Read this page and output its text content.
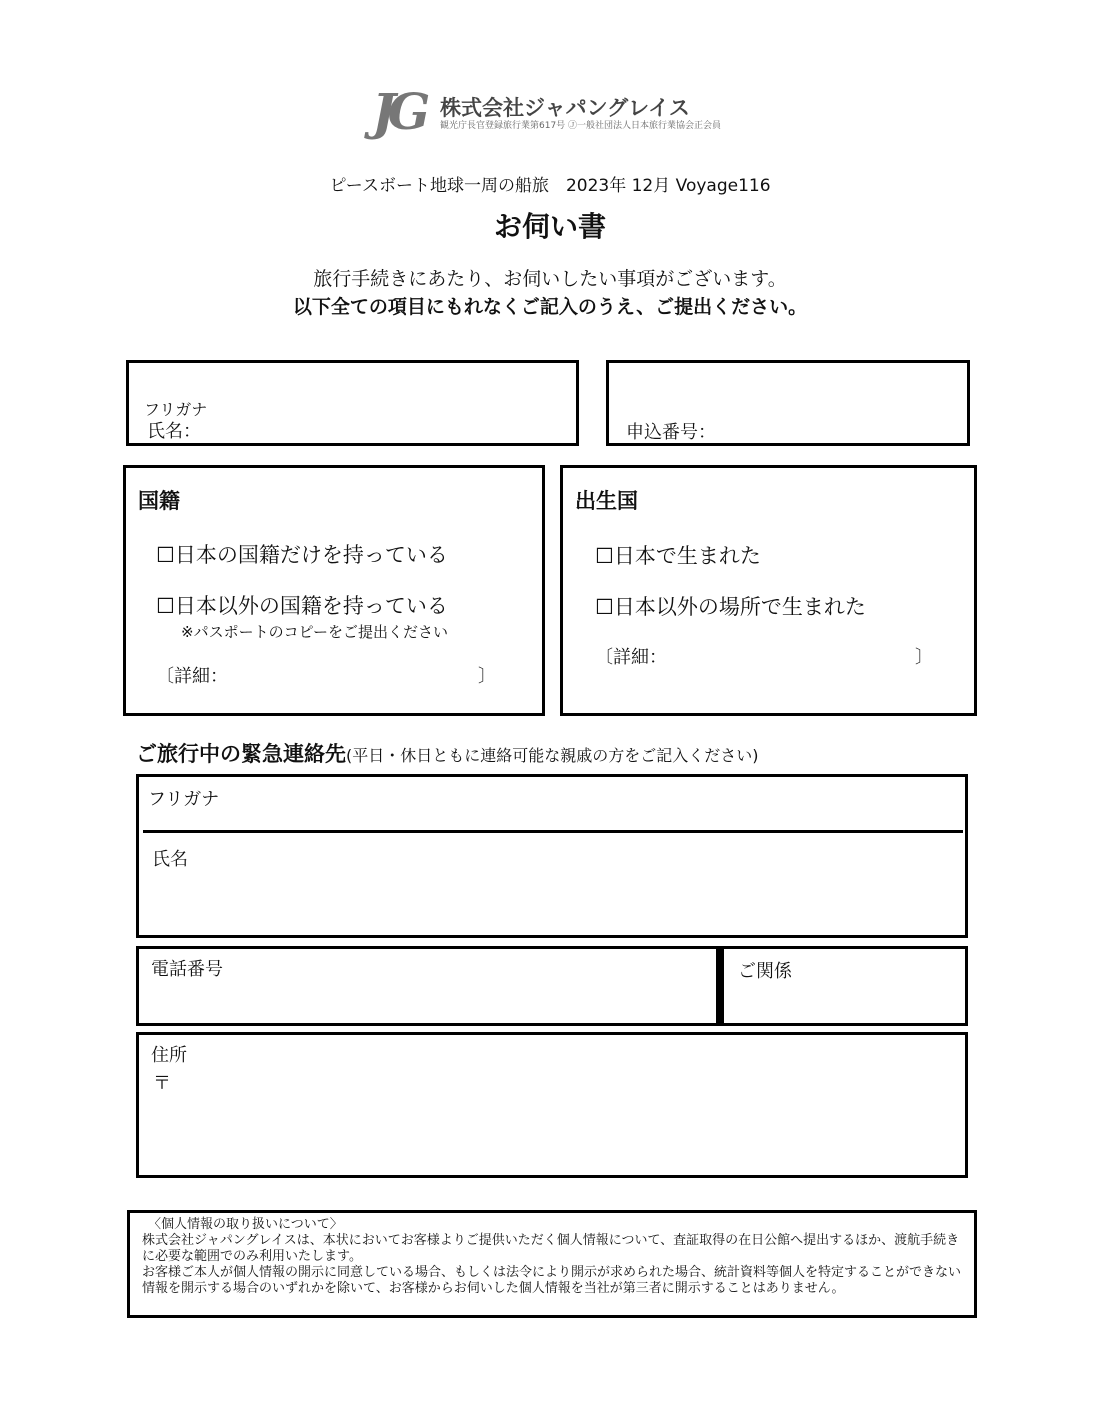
JG 株式会社ジャパングレイス
観光庁長官登録旅行業第617号 Ⓙ一般社団法人日本旅行業協会正会員
ピースボート地球一周の船旅　2023年 12月 Voyage116
お伺い書
旅行手続きにあたり、お伺いしたい事項がございます。
以下全ての項目にもれなくご記入のうえ、ご提出ください。
フリガナ
氏名：	申込番号：
国籍
☐日本の国籍だけを持っている
☐日本以外の国籍を持っている
※パスポートのコピーをご提出ください
〔詳細：	〕
出生国
☐日本で生まれた
☐日本以外の場所で生まれた
〔詳細：	〕
ご旅行中の緊急連絡先(平日・休日ともに連絡可能な親戚の方をご記入ください)
フリガナ
氏名
電話番号	ご関係
住所
〒
〈個人情報の取り扱いについて〉
株式会社ジャパングレイスは、本状においてお客様よりご提供いただく個人情報について、査証取得の在日公館へ提出するほか、渡航手続きに必要な範囲でのみ利用いたします。
お客様ご本人が個人情報の開示に同意している場合、もしくは法令により開示が求められた場合、統計資料等個人を特定することができない情報を開示する場合のいずれかを除いて、お客様からお伺いした個人情報を当社が第三者に開示することはありません。
